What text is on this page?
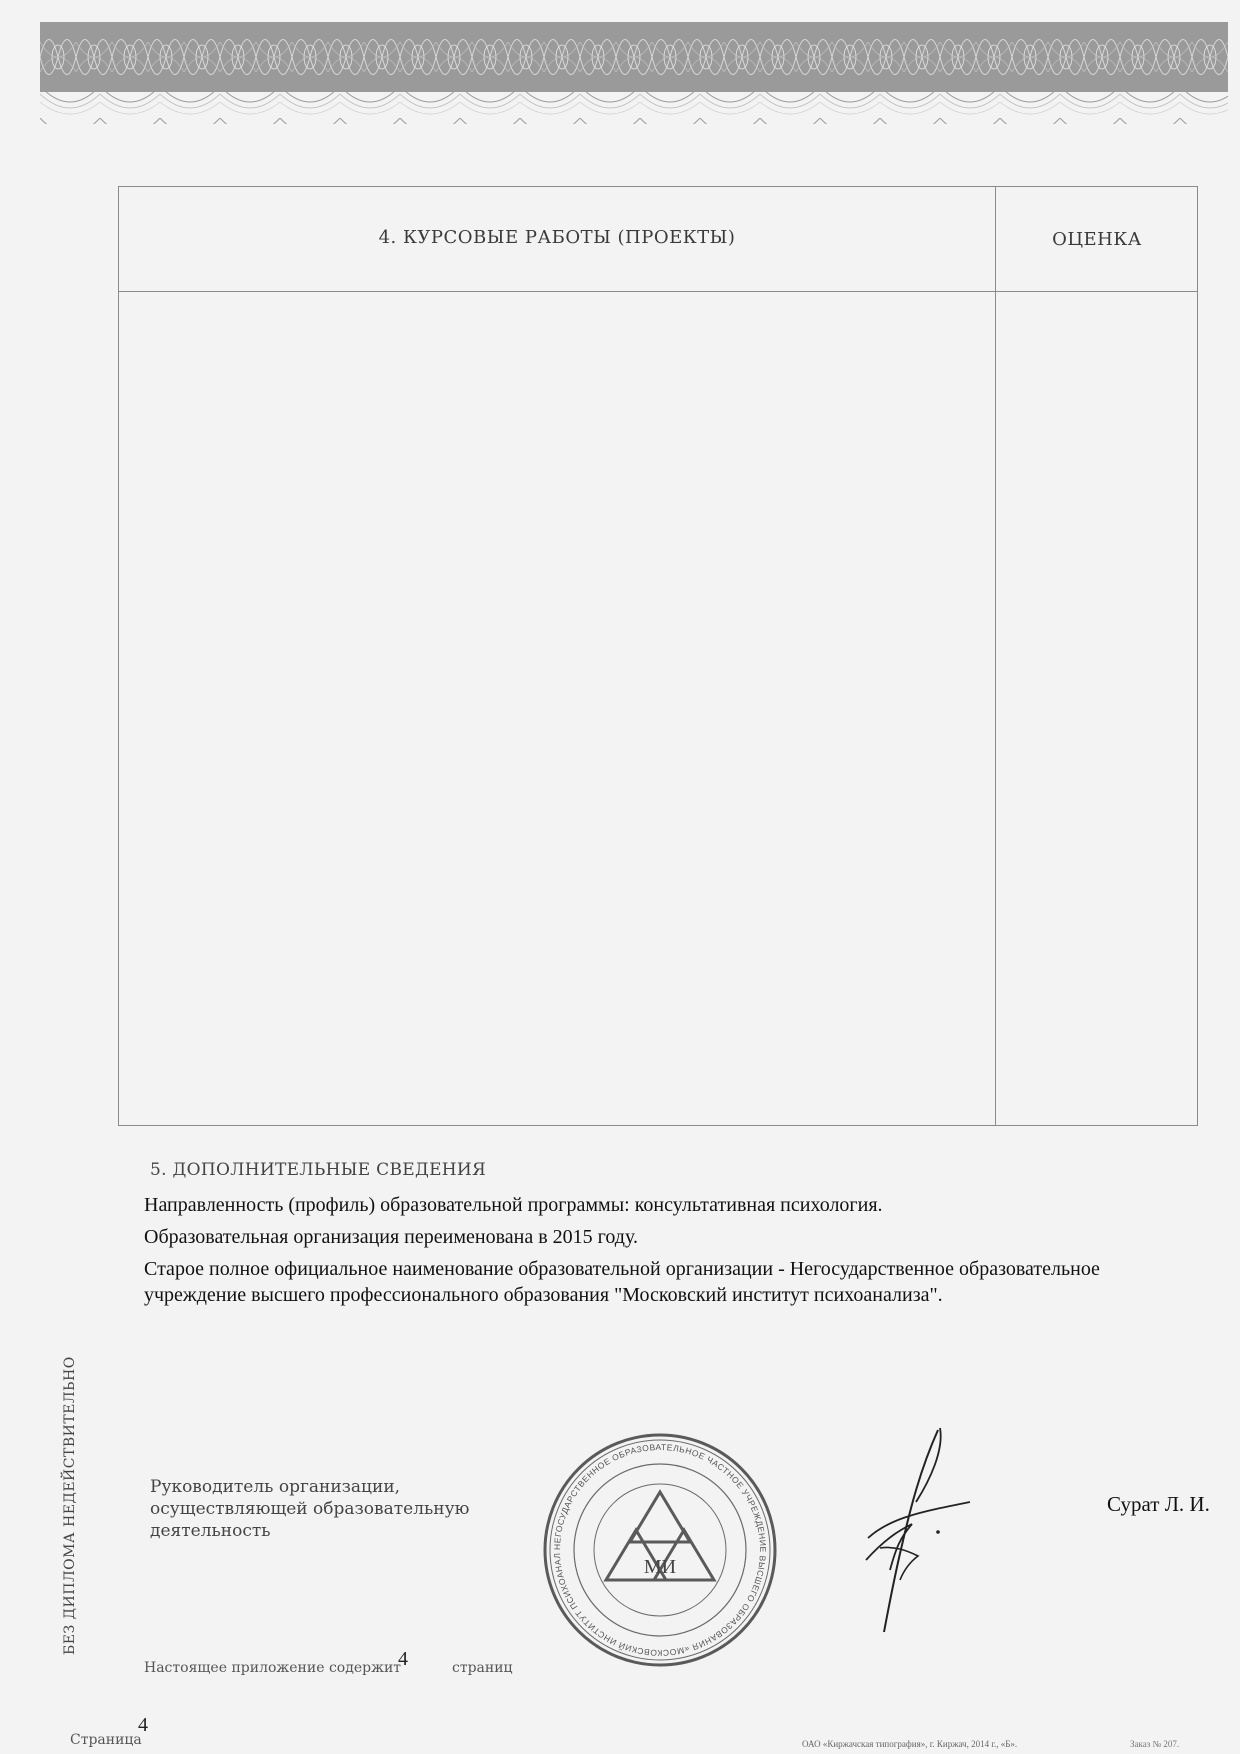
4. КУРСОВЫЕ РАБОТЫ (ПРОЕКТЫ)	ОЦЕНКА
5. ДОПОЛНИТЕЛЬНЫЕ СВЕДЕНИЯ

Направленность (профиль) образовательной программы: консультативная психология.

Образовательная организация переименована в 2015 году.

Старое полное официальное наименование образовательной организации - Негосударственное образовательное учреждение высшего профессионального образования "Московский институт психоанализа".

БЕЗ ДИПЛОМА НЕДЕЙСТВИТЕЛЬНО	Руководитель организации, осуществляющей образовательную деятельность
НЕГОСУДАРСТВЕННОЕ ОБРАЗОВАТЕЛЬНОЕ ЧАСТНОЕ УЧРЕЖДЕНИЕ ВЫСШЕГО ОБРАЗОВАНИЯ «МОСКОВСКИЙ ИНСТИТУТ ПСИХОАНАЛ
МИ
Сурат Л. И.
Настоящее приложение содержит
4	страниц
Страница
4
ОАО «Киржачская типография», г. Киржач, 2014 г., «Б».	Заказ № 207.
